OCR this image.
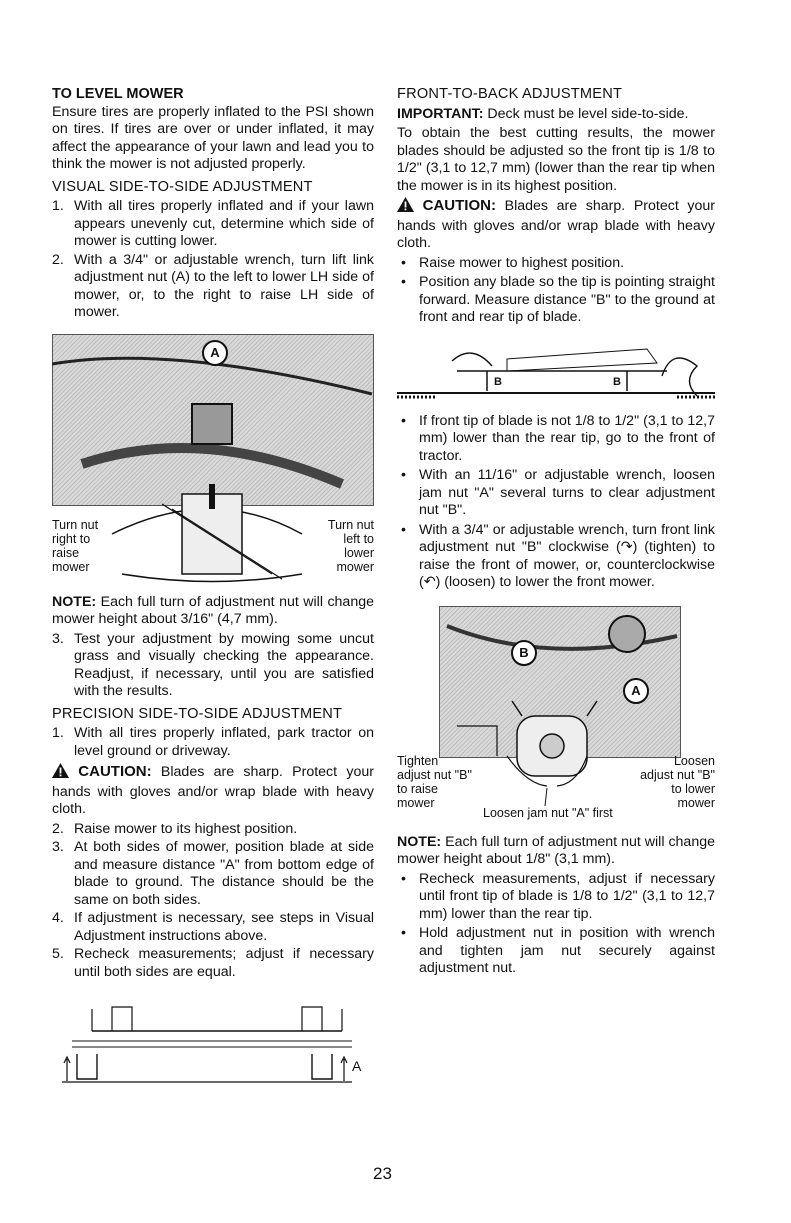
TO LEVEL MOWER

Ensure tires are properly inflated to the PSI shown on tires. If tires are over or under inflated, it may affect the appearance of your lawn and lead you to think the mower is not adjusted properly.

VISUAL SIDE-TO-SIDE ADJUSTMENT

1. With all tires properly inflated and if your lawn appears unevenly cut, determine which side of mower is cutting lower.
2. With a 3/4" or adjustable wrench, turn lift link adjustment nut (A) to the left to lower LH side of mower, or, to the right to raise LH side of mower.
A
Turn nut right to raise mower
Turn nut left to lower mower

NOTE: Each full turn of adjustment nut will change mower height about 3/16" (4,7 mm).

3. Test your adjustment by mowing some uncut grass and visually checking the appearance. Readjust, if necessary, until you are satisfied with the results.

PRECISION SIDE-TO-SIDE ADJUSTMENT

1. With all tires properly inflated, park tractor on level ground or driveway.

CAUTION: Blades are sharp. Protect your hands with gloves and/or wrap blade with heavy cloth.

2. Raise mower to its highest position.
3. At both sides of mower, position blade at side and measure distance "A" from bottom edge of blade to ground. The distance should be the same on both sides.
4. If adjustment is necessary, see steps in Visual Adjustment instructions above.
5. Recheck measurements; adjust if necessary until both sides are equal.
A

FRONT-TO-BACK ADJUSTMENT

IMPORTANT: Deck must be level side-to-side.

To obtain the best cutting results, the mower blades should be adjusted so the front tip is 1/8 to 1/2" (3,1 to 12,7 mm) (lower than the rear tip when the mower is in its highest position.

CAUTION: Blades are sharp. Protect your hands with gloves and/or wrap blade with heavy cloth.

• Raise mower to highest position.
• Position any blade so the tip is pointing straight forward. Measure distance "B" to the ground at front and rear tip of blade.
B	B
• If front tip of blade is not 1/8 to 1/2" (3,1 to 12,7 mm) lower than the rear tip, go to the front of tractor.
• With an 11/16" or adjustable wrench, loosen jam nut "A" several turns to clear adjustment nut "B".
• With a 3/4" or adjustable wrench, turn front link adjustment nut "B" clockwise (↷) (tighten) to raise the front of mower, or, counterclockwise (↶) (loosen) to lower the front mower.
B
A
Tighten adjust nut "B" to raise mower
Loosen adjust nut "B" to lower mower
Loosen jam nut "A" first

NOTE: Each full turn of adjustment nut will change mower height about 1/8" (3,1 mm).

• Recheck measurements, adjust if necessary until front tip of blade is 1/8 to 1/2" (3,1 to 12,7 mm) lower than the rear tip.
• Hold adjustment nut in position with wrench and tighten jam nut securely against adjustment nut.
23
